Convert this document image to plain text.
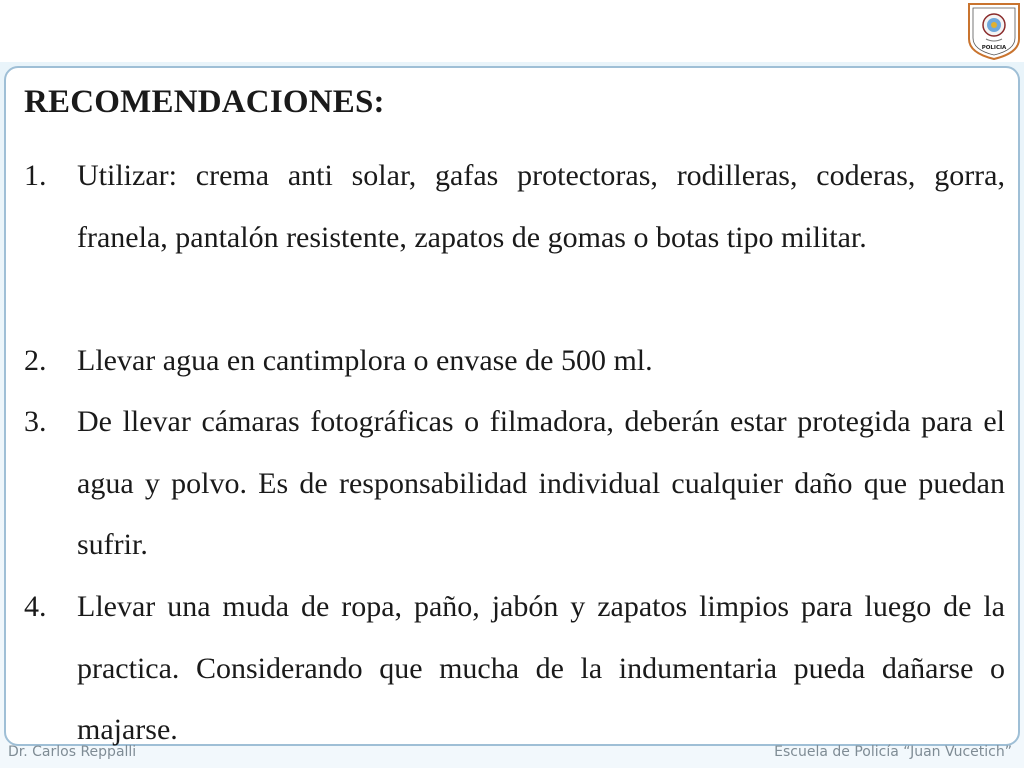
POLICIA
RECOMENDACIONES:
1. Utilizar: crema anti solar, gafas protectoras, rodilleras, coderas, gorra, franela, pantalón resistente, zapatos de gomas o botas tipo militar.

2. Llevar agua en cantimplora o envase de 500 ml.

3. De llevar cámaras fotográficas o filmadora, deberán estar protegida para el agua y polvo. Es de responsabilidad individual cualquier daño que puedan sufrir.

4. Llevar una muda de ropa, paño, jabón y zapatos limpios para luego de la practica. Considerando que mucha de la indumentaria pueda dañarse o majarse.

Dr. Carlos Reppalli	Escuela de Policía “Juan Vucetich”
